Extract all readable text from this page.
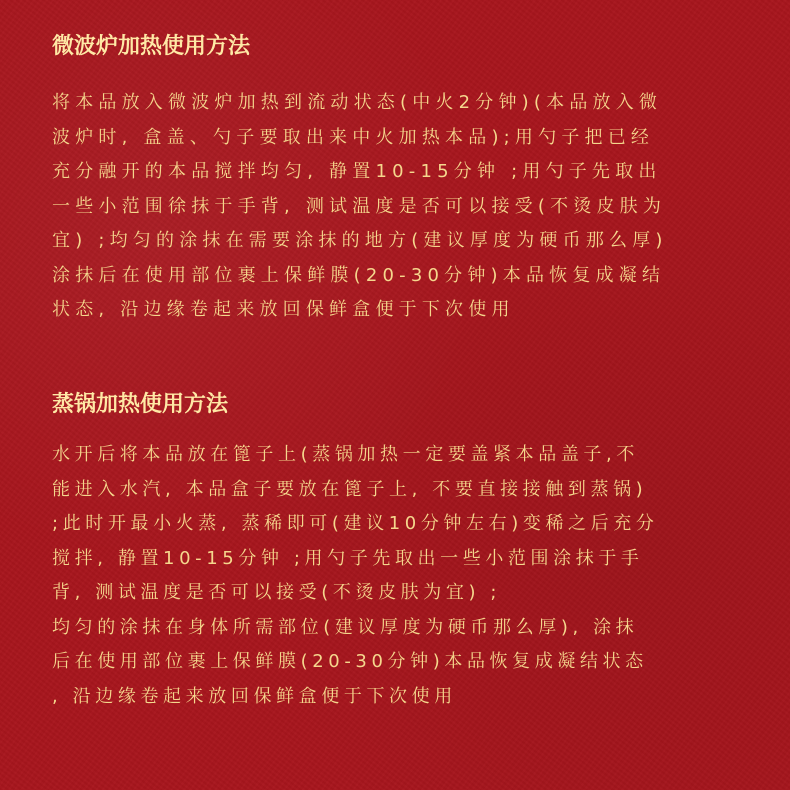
微波炉加热使用方法
将本品放入微波炉加热到流动状态(中火2分钟)(本品放入微
波炉时, 盒盖、勺子要取出来中火加热本品);用勺子把已经
充分融开的本品搅拌均匀, 静置10-15分钟 ;用勺子先取出
一些小范围徐抹于手背, 测试温度是否可以接受(不烫皮肤为
宜) ;均匀的涂抹在需要涂抹的地方(建议厚度为硬币那么厚)
涂抹后在使用部位裹上保鲜膜(20-30分钟)本品恢复成凝结
状态, 沿边缘卷起来放回保鲜盒便于下次使用
蒸锅加热使用方法
水开后将本品放在篦子上(蒸锅加热一定要盖紧本品盖子,不
能进入水汽, 本品盒子要放在篦子上, 不要直接接触到蒸锅)
;此时开最小火蒸, 蒸稀即可(建议10分钟左右)变稀之后充分
搅拌, 静置10-15分钟 ;用勺子先取出一些小范围涂抹于手
背, 测试温度是否可以接受(不烫皮肤为宜) ;
均匀的涂抹在身体所需部位(建议厚度为硬币那么厚), 涂抹
后在使用部位裹上保鲜膜(20-30分钟)本品恢复成凝结状态
, 沿边缘卷起来放回保鲜盒便于下次使用
